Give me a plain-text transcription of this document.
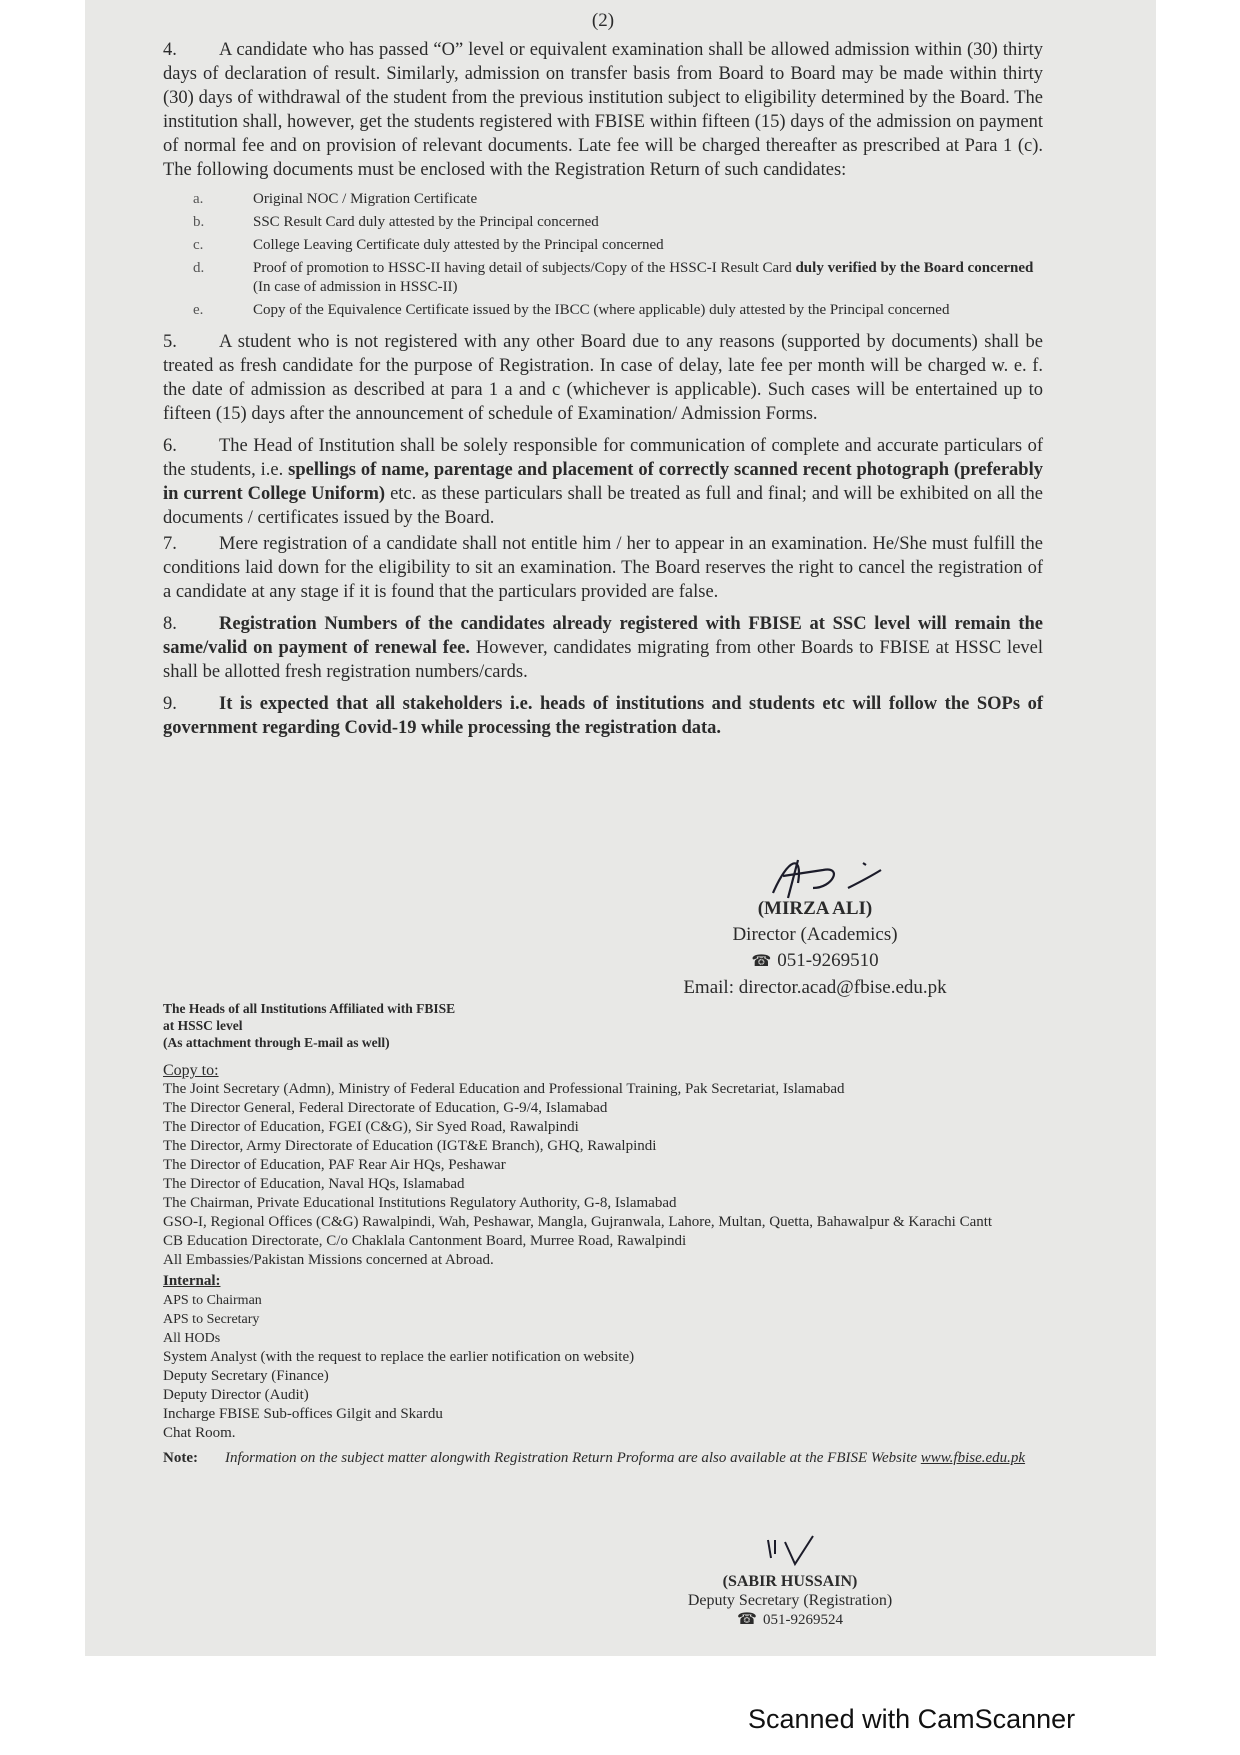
(2)
4. A candidate who has passed “O” level or equivalent examination shall be allowed admission within (30) thirty days of declaration of result. Similarly, admission on transfer basis from Board to Board may be made within thirty (30) days of withdrawal of the student from the previous institution subject to eligibility determined by the Board. The institution shall, however, get the students registered with FBISE within fifteen (15) days of the admission on payment of normal fee and on provision of relevant documents. Late fee will be charged thereafter as prescribed at Para 1 (c). The following documents must be enclosed with the Registration Return of such candidates:
a.	Original NOC / Migration Certificate
b.	SSC Result Card duly attested by the Principal concerned
c.	College Leaving Certificate duly attested by the Principal concerned
d.	Proof of promotion to HSSC-II having detail of subjects/Copy of the HSSC-I Result Card duly verified by the Board concerned (In case of admission in HSSC-II)
e.	Copy of the Equivalence Certificate issued by the IBCC (where applicable) duly attested by the Principal concerned
5. A student who is not registered with any other Board due to any reasons (supported by documents) shall be treated as fresh candidate for the purpose of Registration. In case of delay, late fee per month will be charged w. e. f. the date of admission as described at para 1 a and c (whichever is applicable). Such cases will be entertained up to fifteen (15) days after the announcement of schedule of Examination/ Admission Forms.
6. The Head of Institution shall be solely responsible for communication of complete and accurate particulars of the students, i.e. spellings of name, parentage and placement of correctly scanned recent photograph (preferably in current College Uniform) etc. as these particulars shall be treated as full and final; and will be exhibited on all the documents / certificates issued by the Board.
7. Mere registration of a candidate shall not entitle him / her to appear in an examination. He/She must fulfill the conditions laid down for the eligibility to sit an examination. The Board reserves the right to cancel the registration of a candidate at any stage if it is found that the particulars provided are false.
8. Registration Numbers of the candidates already registered with FBISE at SSC level will remain the same/valid on payment of renewal fee. However, candidates migrating from other Boards to FBISE at HSSC level shall be allotted fresh registration numbers/cards.
9. It is expected that all stakeholders i.e. heads of institutions and students etc will follow the SOPs of government regarding Covid-19 while processing the registration data.
(MIRZA ALI)
Director (Academics)
☎ 051-9269510
Email: director.acad@fbise.edu.pk
The Heads of all Institutions Affiliated with FBISE
at HSSC level
(As attachment through E-mail as well)
Copy to:
The Joint Secretary (Admn), Ministry of Federal Education and Professional Training, Pak Secretariat, Islamabad
The Director General, Federal Directorate of Education, G-9/4, Islamabad
The Director of Education, FGEI (C&G), Sir Syed Road, Rawalpindi
The Director, Army Directorate of Education (IGT&E Branch), GHQ, Rawalpindi
The Director of Education, PAF Rear Air HQs, Peshawar
The Director of Education, Naval HQs, Islamabad
The Chairman, Private Educational Institutions Regulatory Authority, G-8, Islamabad
GSO-I, Regional Offices (C&G) Rawalpindi, Wah, Peshawar, Mangla, Gujranwala, Lahore, Multan, Quetta, Bahawalpur & Karachi Cantt
CB Education Directorate, C/o Chaklala Cantonment Board, Murree Road, Rawalpindi
All Embassies/Pakistan Missions concerned at Abroad.
Internal:
APS to Chairman
APS to Secretary
All HODs
System Analyst (with the request to replace the earlier notification on website)
Deputy Secretary (Finance)
Deputy Director (Audit)
Incharge FBISE Sub-offices Gilgit and Skardu
Chat Room.
Note:	Information on the subject matter alongwith Registration Return Proforma are also available at the FBISE Website www.fbise.edu.pk
(SABIR HUSSAIN)
Deputy Secretary (Registration)
☎ 051-9269524
Scanned with CamScanner
